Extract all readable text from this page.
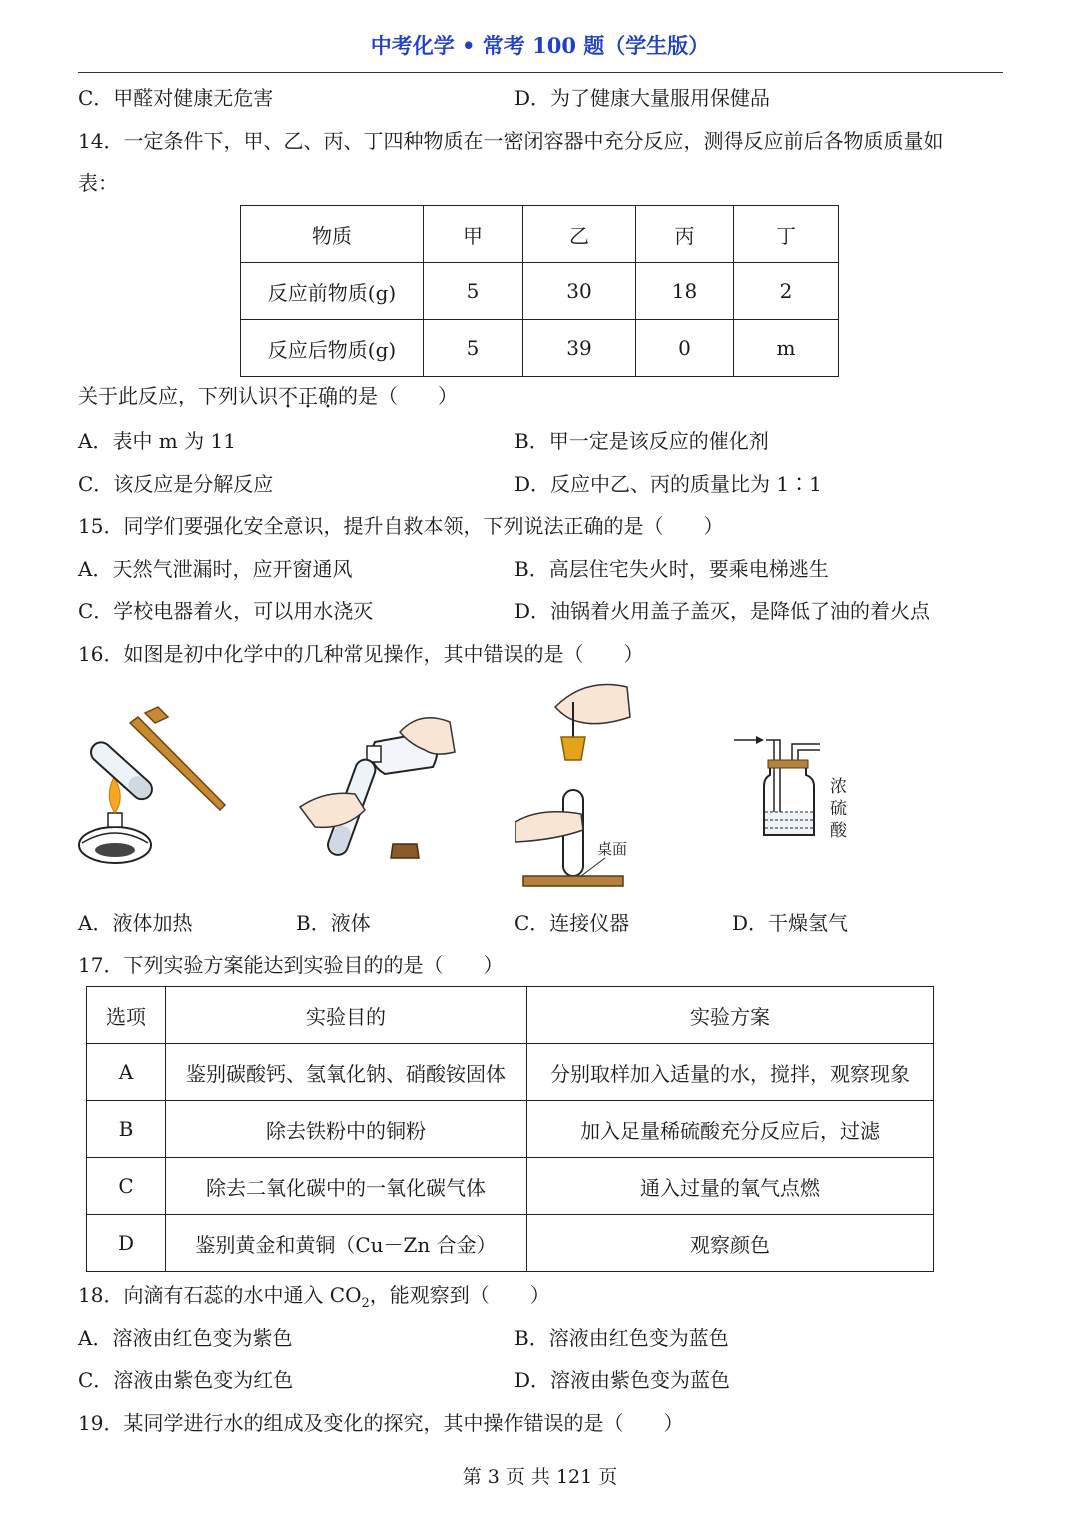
中考化学 • 常考 100 题（学生版）
C．甲醛对健康无危害	D．为了健康大量服用保健品
14．一定条件下，甲、乙、丙、丁四种物质在一密闭容器中充分反应，测得反应前后各物质质量如
表：
物质	甲	乙	丙	丁
反应前物质(g)	5	30	18	2
反应后物质(g)	5	39	0	m
关于此反应，下列认识不正确的是（　　）
A．表中 m 为 11	B．甲一定是该反应的催化剂
C．该反应是分解反应	D．反应中乙、丙的质量比为 1∶1
15．同学们要强化安全意识，提升自救本领，下列说法正确的是（　　）
A．天然气泄漏时，应开窗通风	B．高层住宅失火时，要乘电梯逃生
C．学校电器着火，可以用水浇灭	D．油锅着火用盖子盖灭，是降低了油的着火点
16．如图是初中化学中的几种常见操作，其中错误的是（　　）
桌面
浓
硫
酸
A．液体加热	B．液体	C．连接仪器	D．干燥氢气
17．下列实验方案能达到实验目的的是（　　）
选项	实验目的	实验方案
A	鉴别碳酸钙、氢氧化钠、硝酸铵固体	分别取样加入适量的水，搅拌，观察现象
B	除去铁粉中的铜粉	加入足量稀硫酸充分反应后，过滤
C	除去二氧化碳中的一氧化碳气体	通入过量的氧气点燃
D	鉴别黄金和黄铜（Cu－Zn 合金）	观察颜色
18．向滴有石蕊的水中通入 $CO_2$，能观察到（　　）
A．溶液由红色变为紫色	B．溶液由红色变为蓝色
C．溶液由紫色变为红色	D．溶液由紫色变为蓝色
19．某同学进行水的组成及变化的探究，其中操作错误的是（　　）
第 3 页 共 121 页
